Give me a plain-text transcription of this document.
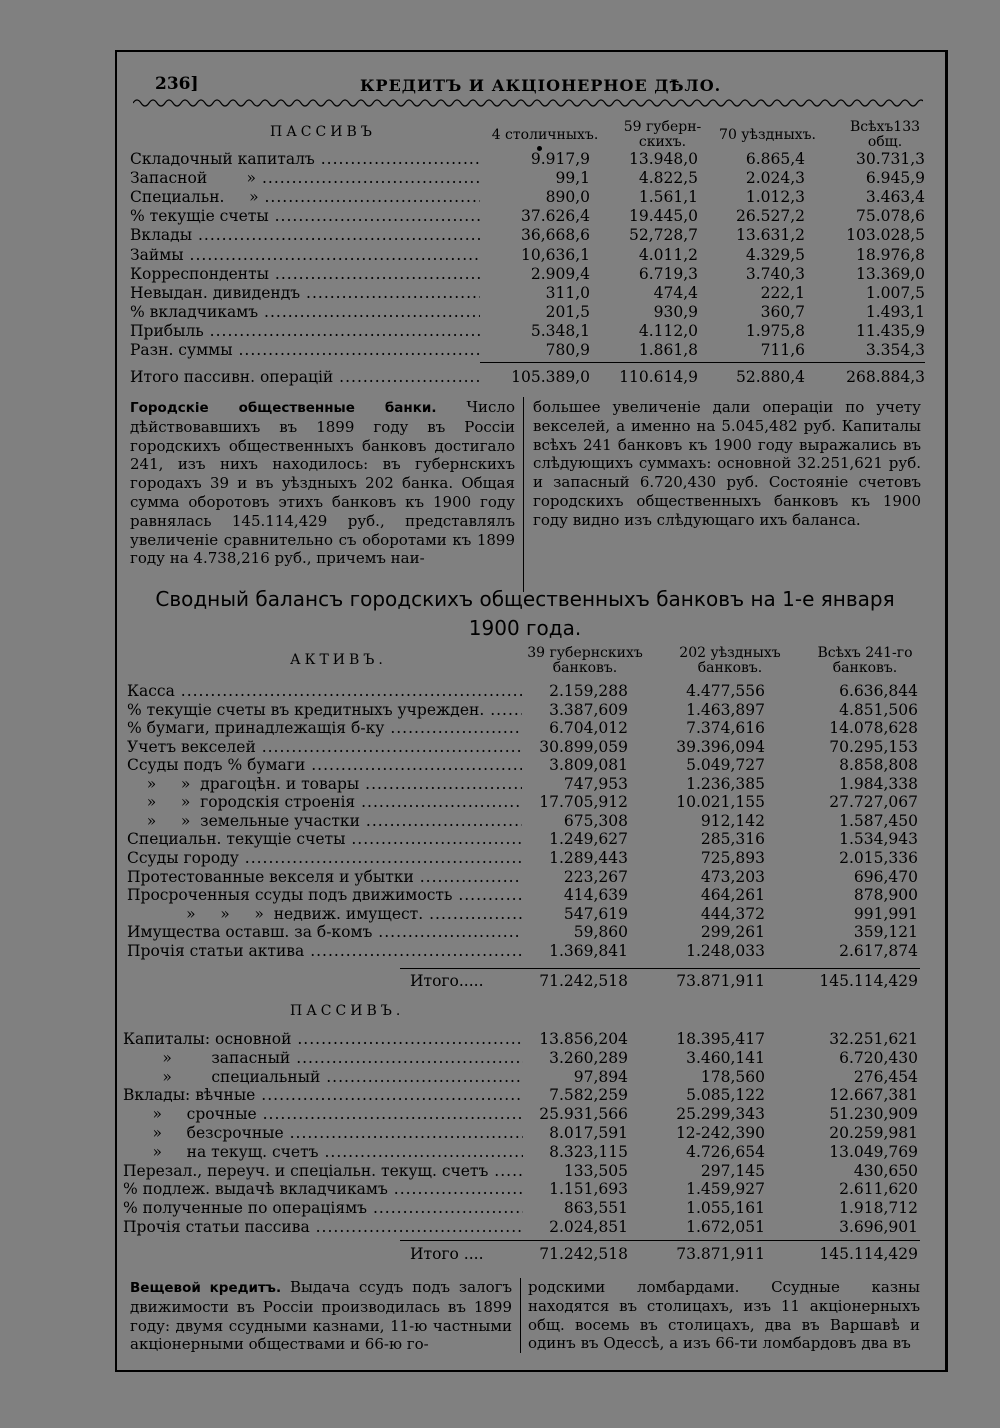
236]	КРЕДИТЪ И АКЦIОНЕРНОЕ ДѢЛО.
ПАССИВЪ	4 столичныхъ.	59 губерн-
скихъ.	70 уѣздныхъ.	Всѣхъ133
общ.
Складочный капиталъ .....	9.917,9	13.948,0	6.865,4	30.731,3
Запасной        » .....	99,1	4.822,5	2.024,3	6.945,9
Специальн.     » .....	890,0	1.561,1	1.012,3	3.463,4
% текущіе счеты .....	37.626,4	19.445,0	26.527,2	75.078,6
Вклады .....	36,668,6	52,728,7	13.631,2	103.028,5
Займы .....	10,636,1	4.011,2	4.329,5	18.976,8
Корреспонденты .....	2.909,4	6.719,3	3.740,3	13.369,0
Невыдан. дивидендъ .....	311,0	474,4	222,1	1.007,5
% вкладчикамъ .....	201,5	930,9	360,7	1.493,1
Прибыль .....	5.348,1	4.112,0	1.975,8	11.435,9
Разн. суммы .....	780,9	1.861,8	711,6	3.354,3
Итого пассивн. операцій .....	105.389,0	110.614,9	52.880,4	268.884,3
Городскіе общественные банки. Число дѣйствовавшихъ въ 1899 году въ Россіи городскихъ общественныхъ банковъ достигало 241, изъ нихъ находилось: въ губернскихъ городахъ 39 и въ уѣздныхъ 202 банка. Общая сумма оборотовъ этихъ банковъ къ 1900 году равнялась 145.114,429 руб., представлялъ увеличеніе сравнительно съ оборотами къ 1899 году на 4.738,216 руб., причемъ наи-
большее увеличеніе дали операціи по учету векселей, а именно на 5.045,482 руб. Капиталы всѣхъ 241 банковъ къ 1900 году выражались въ слѣдующихъ суммахъ: основной 32.251,621 руб. и запасный 6.720,430 руб. Состояніе счетовъ городскихъ общественныхъ банковъ къ 1900 году видно изъ слѣдующаго ихъ баланса.
Сводный балансъ городскихъ общественныхъ банковъ на 1-е января 1900 года.
АКТИВЪ.	39 губернскихъ
банковъ.
202 уѣздныхъ
банковъ.
Всѣхъ 241-го
банковъ.
Касса .....	2.159,288	4.477,556	6.636,844
% текущіе счеты въ кредитныхъ учрежден. .....	3.387,609	1.463,897	4.851,506
% бумаги, принадлежащія б-ку .....	6.704,012	7.374,616	14.078,628
Учетъ векселей .....	30.899,059	39.396,094	70.295,153
Ссуды подъ % бумаги .....	3.809,081	5.049,727	8.858,808
»     »  драгоцѣн. и товары .....	747,953	1.236,385	1.984,338
»     »  городскія строенія .....	17.705,912	10.021,155	27.727,067
»     »  земельные участки .....	675,308	912,142	1.587,450
Специальн. текущіе счеты .....	1.249,627	285,316	1.534,943
Ссуды городу .....	1.289,443	725,893	2.015,336
Протестованные векселя и убытки .....	223,267	473,203	696,470
Просроченныя ссуды подъ движимость .....	414,639	464,261	878,900
»     »     »  недвиж. имущест. .....	547,619	444,372	991,991
Имущества оставш. за б-комъ .....	59,860	299,261	359,121
Прочія статьи актива .....	1.369,841	1.248,033	2.617,874
Итого.....	71.242,518	73.871,911	145.114,429
ПАССИВЪ.
Капиталы: основной .....	13.856,204	18.395,417	32.251,621
»        запасный .....	3.260,289	3.460,141	6.720,430
»        специальный .....	97,894	178,560	276,454
Вклады: вѣчные .....	7.582,259	5.085,122	12.667,381
»     срочные .....	25.931,566	25.299,343	51.230,909
»     безсрочные .....	8.017,591	12-242,390	20.259,981
»     на текущ. счетъ .....	8.323,115	4.726,654	13.049,769
Перезал., переуч. и спеціальн. текущ. счетъ .....	133,505	297,145	430,650
% подлеж. выдачѣ вкладчикамъ .....	1.151,693	1.459,927	2.611,620
% полученные по операціямъ .....	863,551	1.055,161	1.918,712
Прочія статьи пассива .....	2.024,851	1.672,051	3.696,901
Итого ....	71.242,518	73.871,911	145.114,429
Вещевой кредитъ. Выдача ссудъ подъ залогъ движимости въ Россіи производилась въ 1899 году: двумя ссудными казнами, 11-ю частными акціонерными обществами и 66-ю го-
родскими ломбардами. Ссудные казны находятся въ столицахъ, изъ 11 акціонерныхъ общ. восемь въ столицахъ, два въ Варшавѣ и одинъ въ Одессѣ, а изъ 66-ти ломбардовъ два въ
